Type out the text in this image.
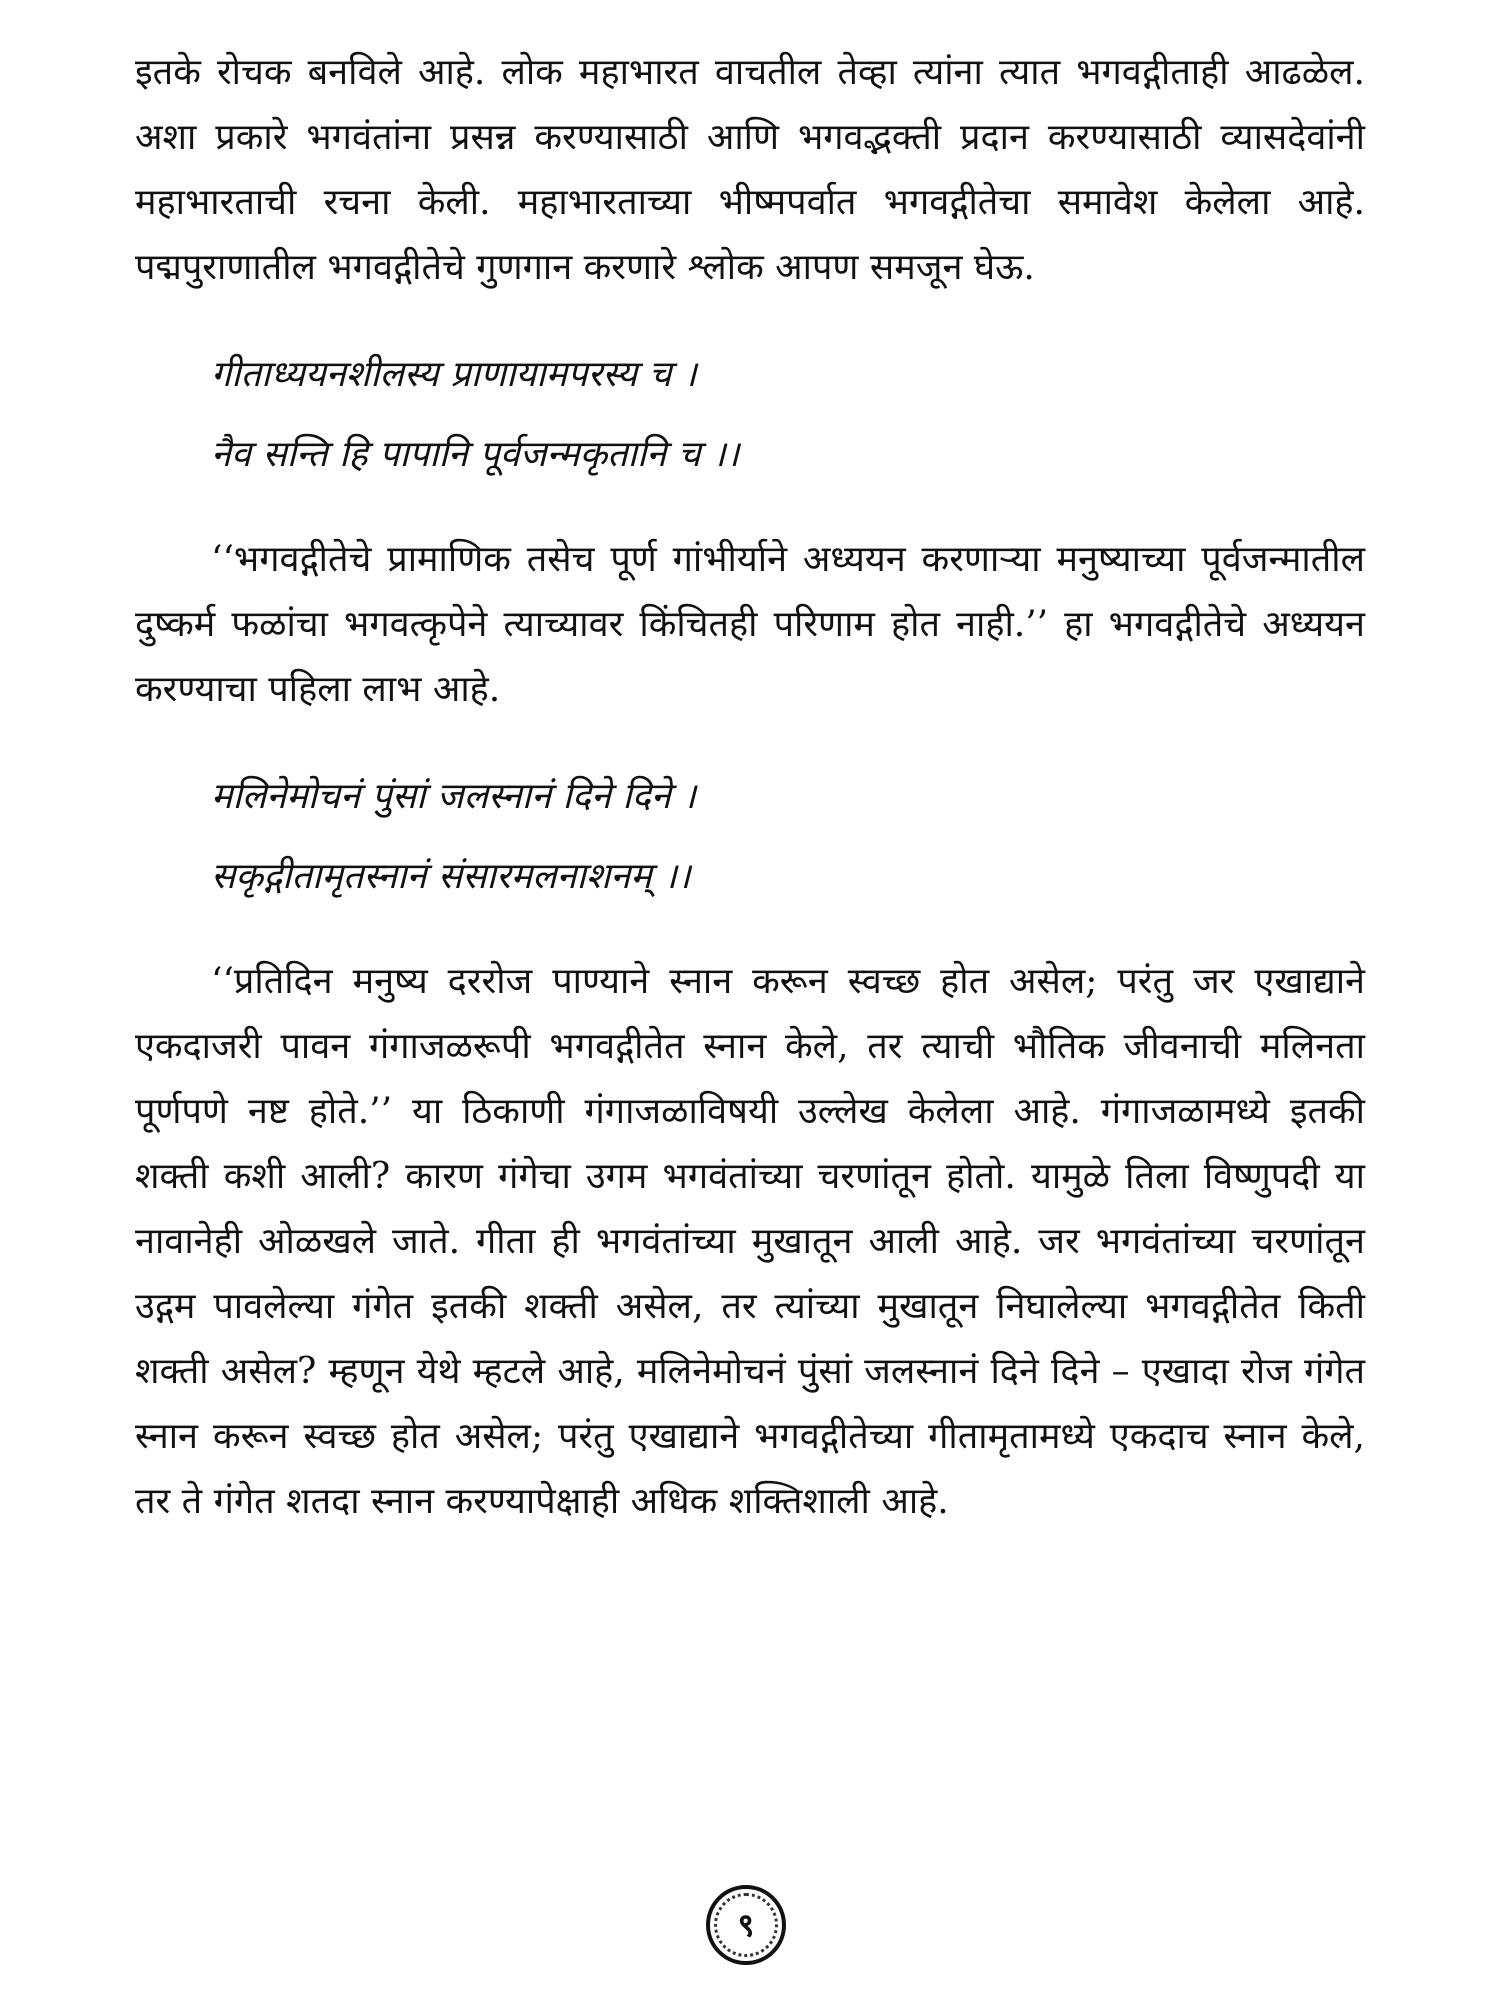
इतके रोचक बनविले आहे. लोक महाभारत वाचतील तेव्हा त्यांना त्यात भगवद्गीताही आढळेल. अशा प्रकारे भगवंतांना प्रसन्न करण्यासाठी आणि भगवद्भक्ती प्रदान करण्यासाठी व्यासदेवांनी महाभारताची रचना केली. महाभारताच्या भीष्मपर्वात भगवद्गीतेचा समावेश केलेला आहे. पद्मपुराणातील भगवद्गीतेचे गुणगान करणारे श्लोक आपण समजून घेऊ.

गीताध्ययनशीलस्य प्राणायामपरस्य च ।
नैव सन्ति हि पापानि पूर्वजन्मकृतानि च ।।

‘‘भगवद्गीतेचे प्रामाणिक तसेच पूर्ण गांभीर्याने अध्ययन करणाऱ्या मनुष्याच्या पूर्वजन्मातील दुष्कर्म फळांचा भगवत्कृपेने त्याच्यावर किंचितही परिणाम होत नाही.’’ हा भगवद्गीतेचे अध्ययन करण्याचा पहिला लाभ आहे.

मलिनेमोचनं पुंसां जलस्नानं दिने दिने ।
सकृद्गीतामृतस्नानं संसारमलनाशनम् ।।

‘‘प्रतिदिन मनुष्य दररोज पाण्याने स्नान करून स्वच्छ होत असेल; परंतु जर एखाद्याने एकदाजरी पावन गंगाजळरूपी भगवद्गीतेत स्नान केले, तर त्याची भौतिक जीवनाची मलिनता पूर्णपणे नष्ट होते.’’ या ठिकाणी गंगाजळाविषयी उल्लेख केलेला आहे. गंगाजळामध्ये इतकी शक्ती कशी आली? कारण गंगेचा उगम भगवंतांच्या चरणांतून होतो. यामुळे तिला विष्णुपदी या नावानेही ओळखले जाते. गीता ही भगवंतांच्या मुखातून आली आहे. जर भगवंतांच्या चरणांतून उद्गम पावलेल्या गंगेत इतकी शक्ती असेल, तर त्यांच्या मुखातून निघालेल्या भगवद्गीतेत किती शक्ती असेल? म्हणून येथे म्हटले आहे, मलिनेमोचनं पुंसां जलस्नानं दिने दिने – एखादा रोज गंगेत स्नान करून स्वच्छ होत असेल; परंतु एखाद्याने भगवद्गीतेच्या गीतामृतामध्ये एकदाच स्नान केले, तर ते गंगेत शतदा स्नान करण्यापेक्षाही अधिक शक्तिशाली आहे.

९
